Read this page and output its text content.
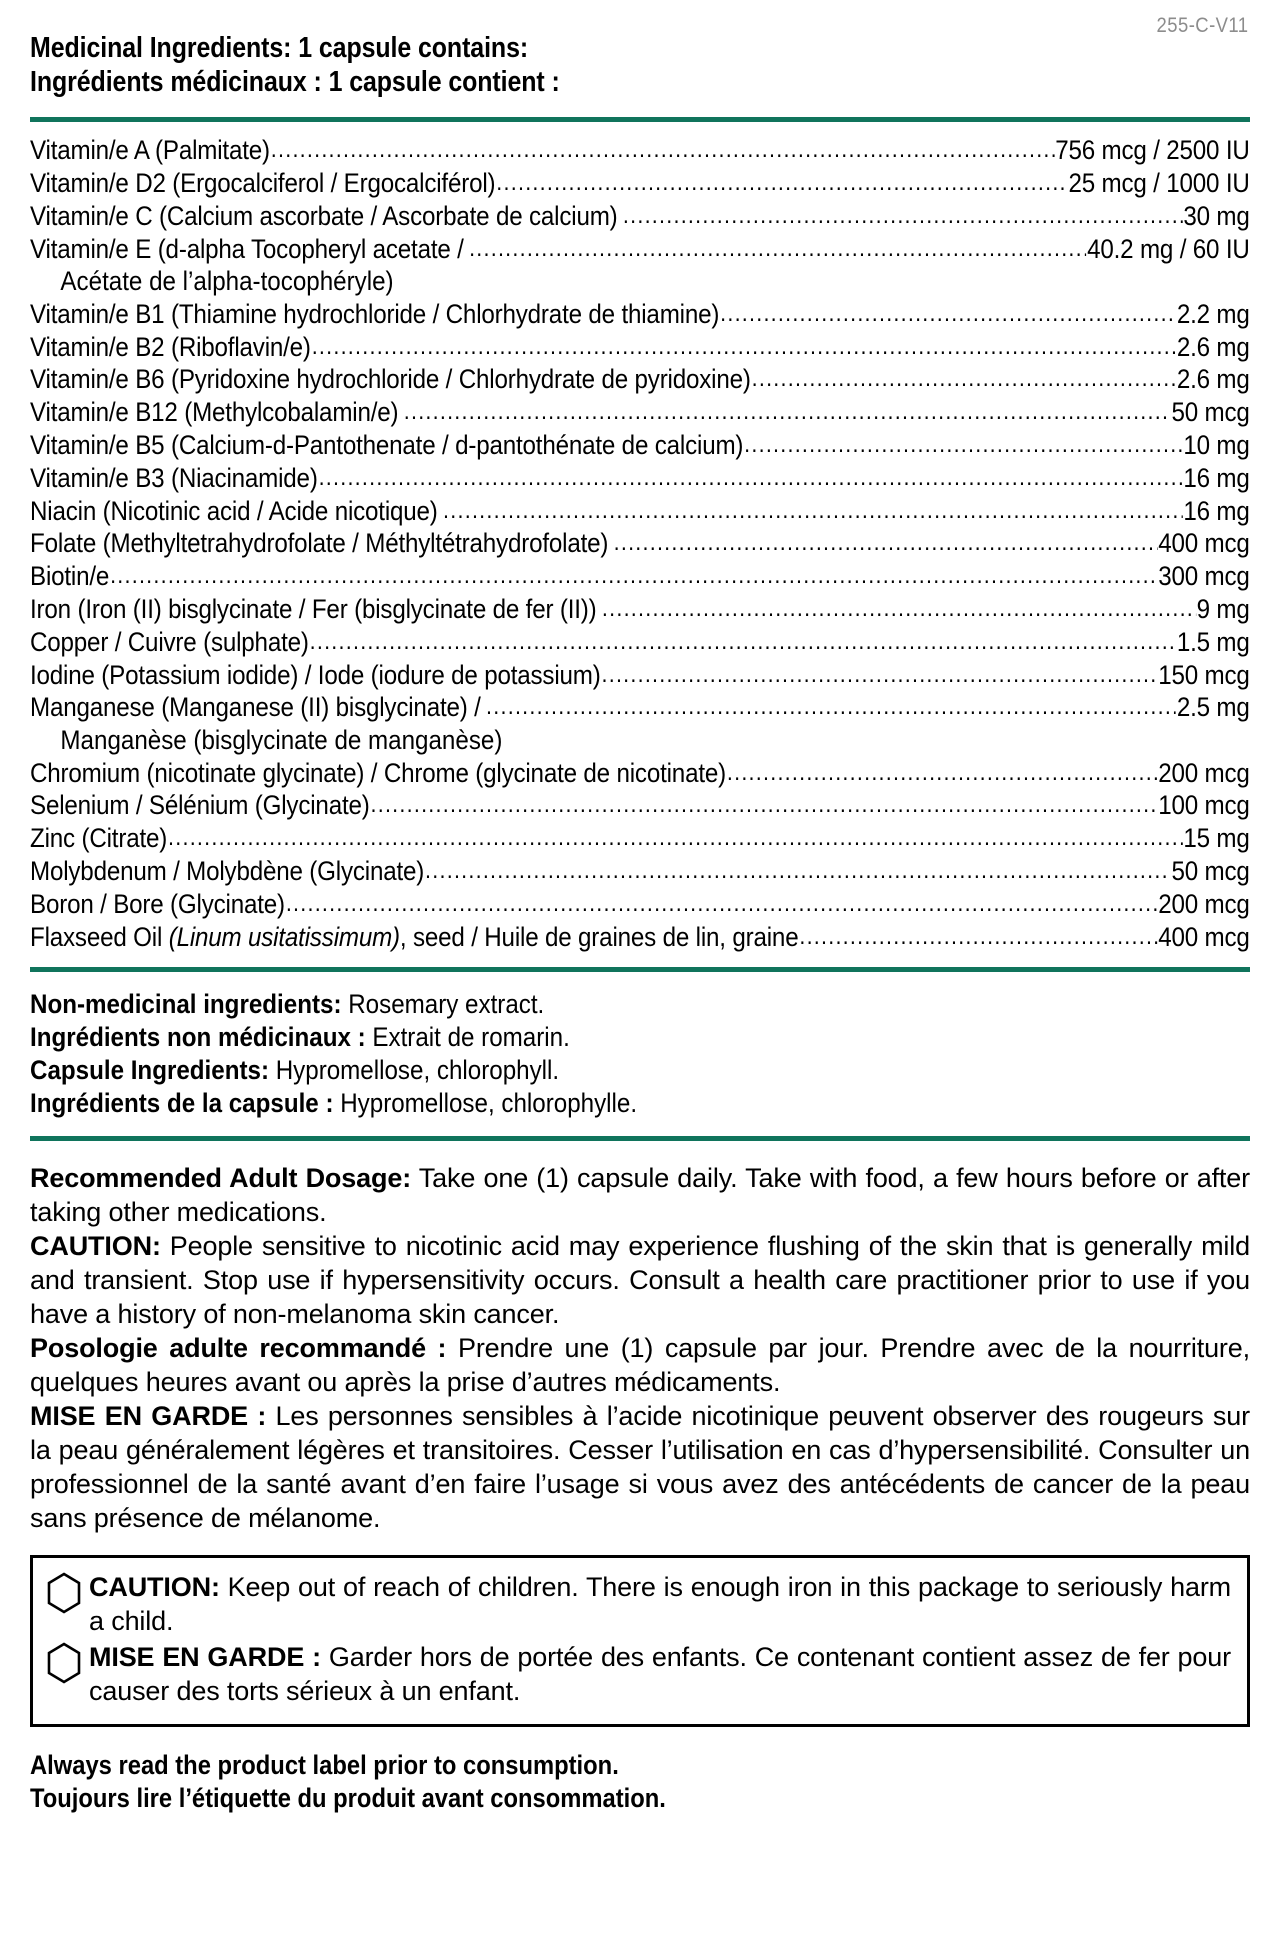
255-C-V11
Medicinal Ingredients: 1 capsule contains:
Ingrédients médicinaux : 1 capsule contient :
Vitamin/e A (Palmitate) .....	756 mcg / 2500 IU
Vitamin/e D2 (Ergocalciferol / Ergocalciférol) .....	25 mcg / 1000 IU
Vitamin/e C (Calcium ascorbate / Ascorbate de calcium) .....	30 mg
Vitamin/e E (d-alpha Tocopheryl acetate / .....	40.2 mg / 60 IU
Acétate de l’alpha-tocophéryle)
Vitamin/e B1 (Thiamine hydrochloride / Chlorhydrate de thiamine) .....	2.2 mg
Vitamin/e B2 (Riboflavin/e) .....	2.6 mg
Vitamin/e B6 (Pyridoxine hydrochloride / Chlorhydrate de pyridoxine) .....	2.6 mg
Vitamin/e B12 (Methylcobalamin/e) .....	50 mcg
Vitamin/e B5 (Calcium-d-Pantothenate / d-pantothénate de calcium) .....	10 mg
Vitamin/e B3 (Niacinamide) .....	16 mg
Niacin (Nicotinic acid / Acide nicotique) .....	16 mg
Folate (Methyltetrahydrofolate / Méthyltétrahydrofolate) .....	400 mcg
Biotin/e .....	300 mcg
Iron (Iron (II) bisglycinate / Fer (bisglycinate de fer (II)) .....	9 mg
Copper / Cuivre (sulphate) .....	1.5 mg
Iodine (Potassium iodide) / Iode (iodure de potassium) .....	150 mcg
Manganese (Manganese (II) bisglycinate) / .....	2.5 mg
Manganèse (bisglycinate de manganèse)
Chromium (nicotinate glycinate) / Chrome (glycinate de nicotinate) .....	200 mcg
Selenium / Sélénium (Glycinate) .....	100 mcg
Zinc (Citrate) .....	15 mg
Molybdenum / Molybdène (Glycinate) .....	50 mcg
Boron / Bore (Glycinate) .....	200 mcg
Flaxseed Oil (Linum usitatissimum), seed / Huile de graines de lin, graine .....	400 mcg
Non-medicinal ingredients: Rosemary extract.
Ingrédients non médicinaux : Extrait de romarin.
Capsule Ingredients: Hypromellose, chlorophyll.
Ingrédients de la capsule : Hypromellose, chlorophylle.

Recommended Adult Dosage: Take one (1) capsule daily. Take with food, a few hours before or after taking other medications.

CAUTION: People sensitive to nicotinic acid may experience flushing of the skin that is generally mild and transient. Stop use if hypersensitivity occurs. Consult a health care practitioner prior to use if you have a history of non-melanoma skin cancer.

Posologie adulte recommandé : Prendre une (1) capsule par jour. Prendre avec de la nourriture, quelques heures avant ou après la prise d’autres médicaments.

MISE EN GARDE : Les personnes sensibles à l’acide nicotinique peuvent observer des rougeurs sur la peau généralement légères et transitoires. Cesser l’utilisation en cas d’hypersensibilité. Consulter un professionnel de la santé avant d’en faire l’usage si vous avez des antécédents de cancer de la peau sans présence de mélanome.

CAUTION: Keep out of reach of children. There is enough iron in this package to seriously harm a child.
MISE EN GARDE : Garder hors de portée des enfants. Ce contenant contient assez de fer pour causer des torts sérieux à un enfant.
Always read the product label prior to consumption.
Toujours lire l’étiquette du produit avant consommation.
